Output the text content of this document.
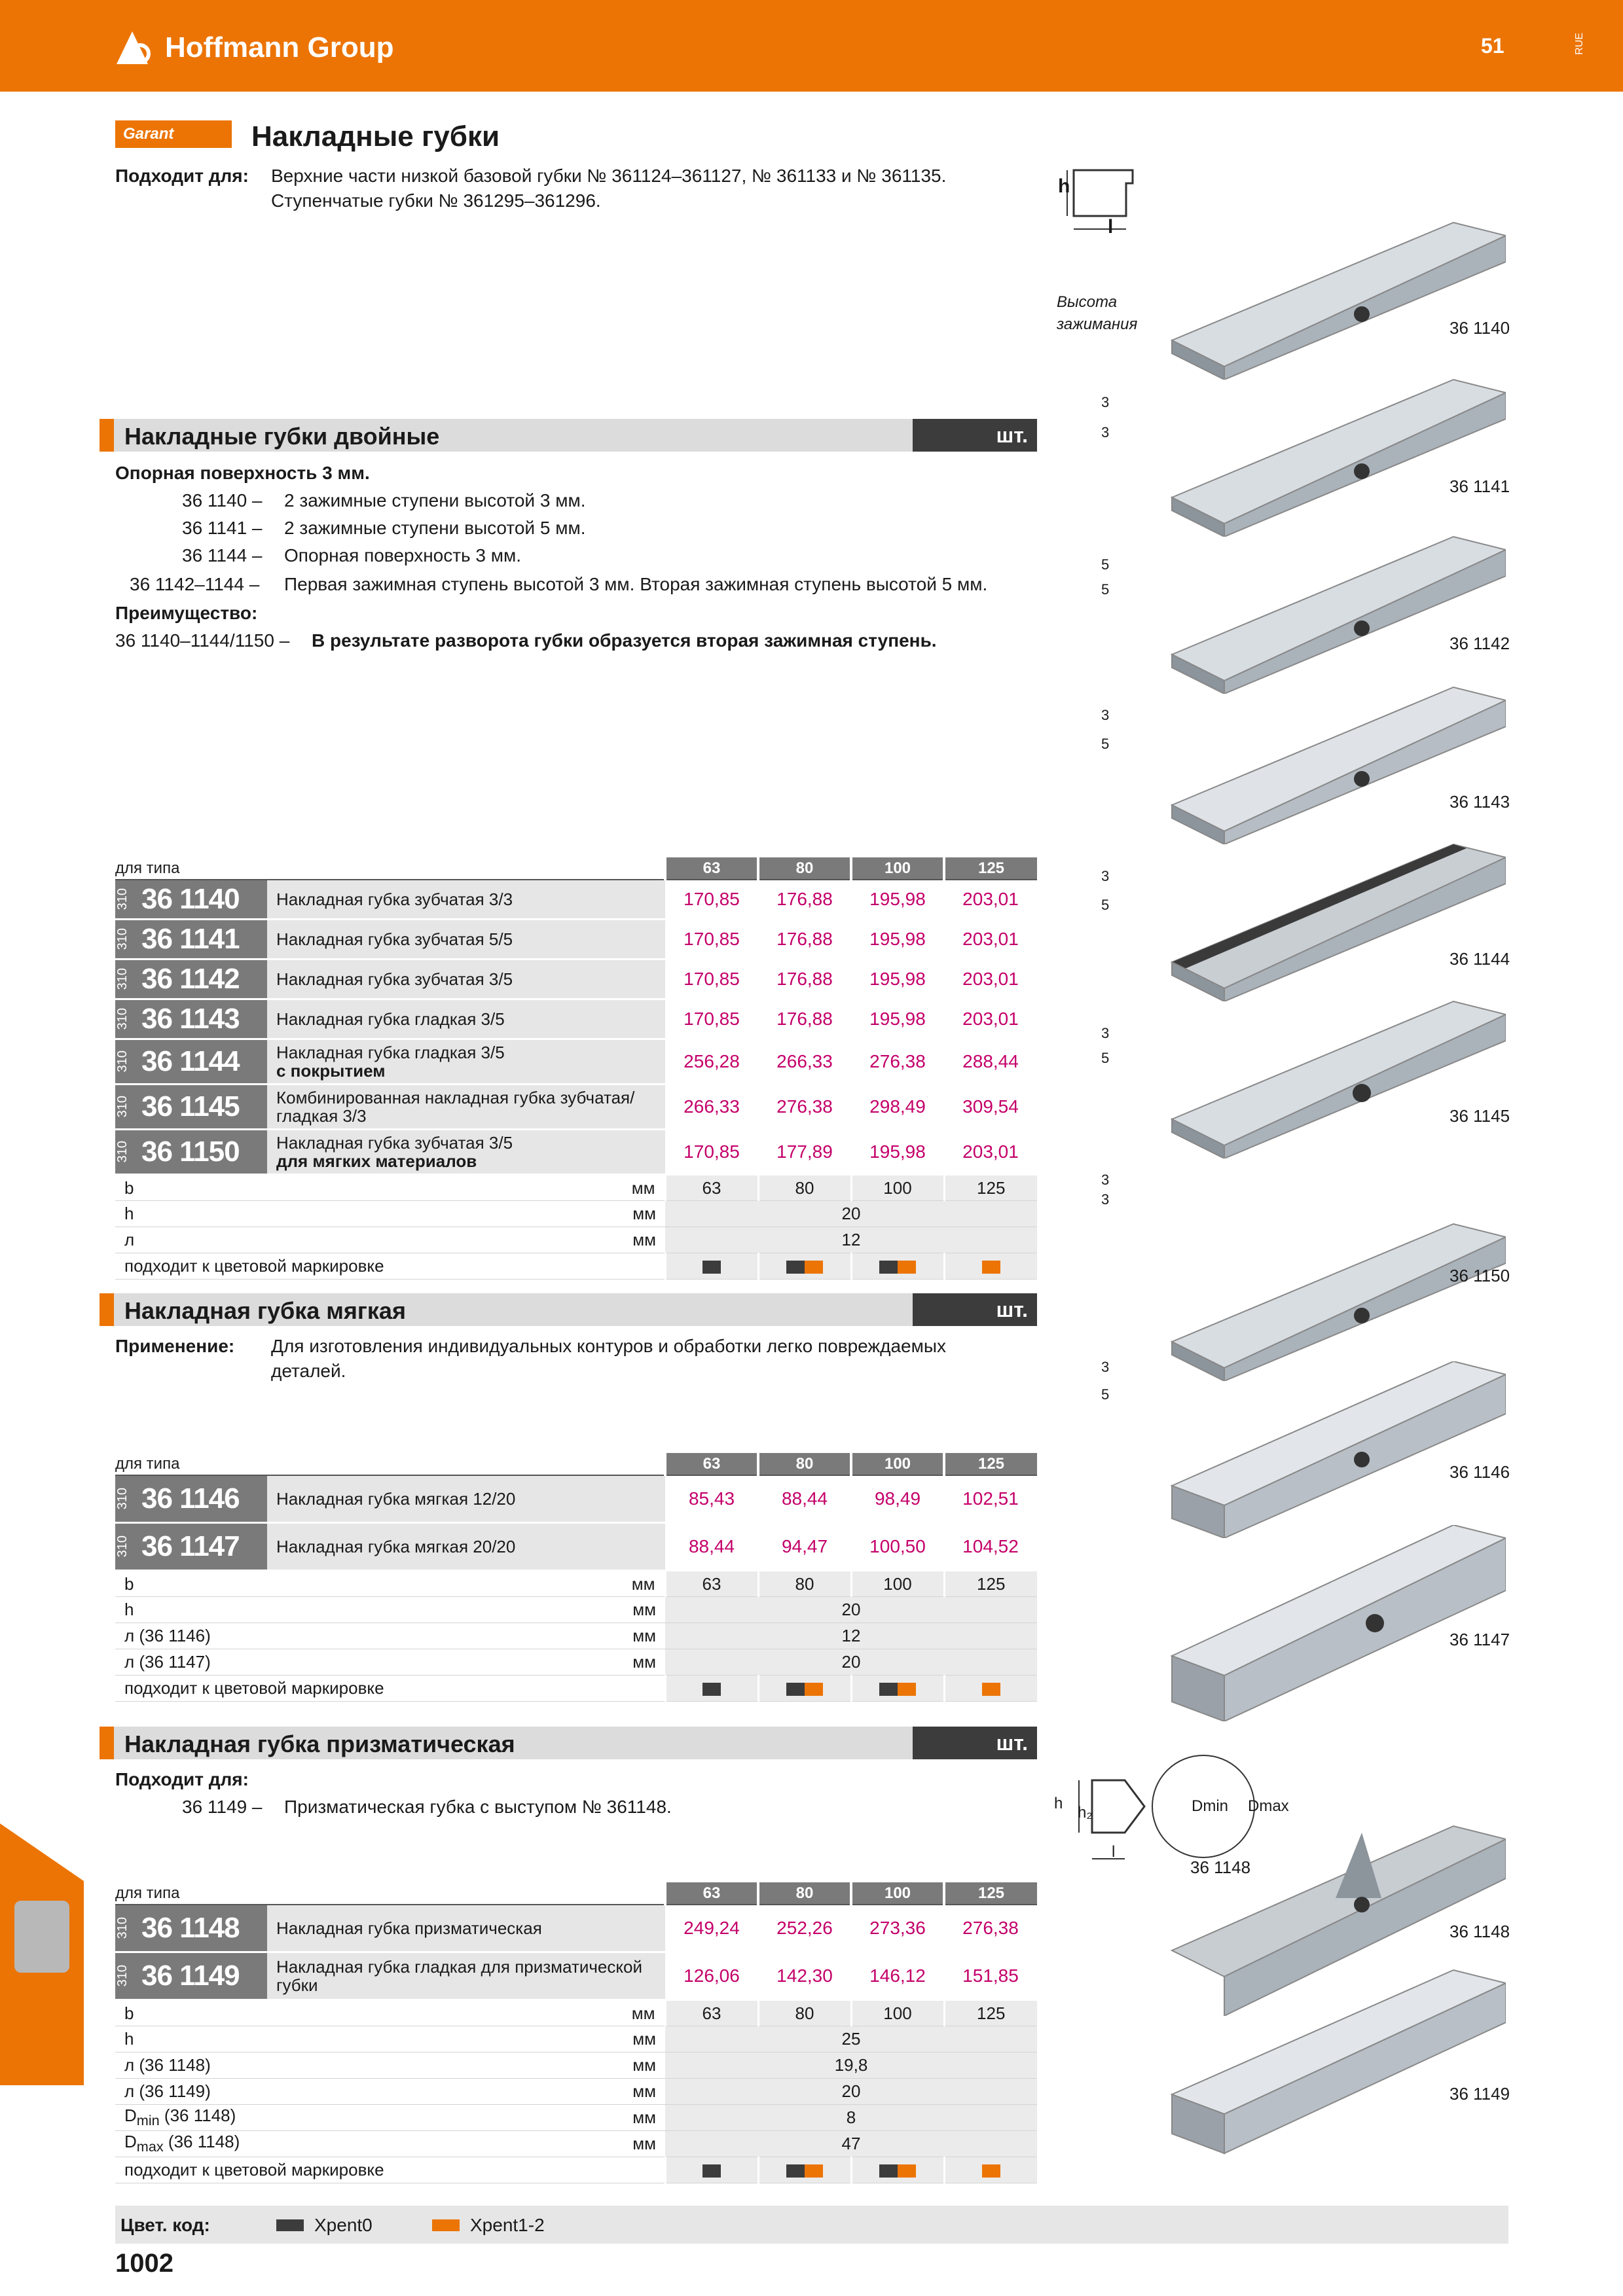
Hoffmann Group	51	RUE
Garant	Накладные губки
Подходит для: Верхние части низкой базовой губки № 361124–361127, № 361133 и № 361135.
Ступенчатые губки № 361295–361296.
Накладные губки двойные	шт.
Опорная поверхность 3 мм.
36 1140 – 2 зажимные ступени высотой 3 мм.
36 1141 – 2 зажимные ступени высотой 5 мм.
36 1144 – Опорная поверхность 3 мм.
36 1142–1144 – Первая зажимная ступень высотой 3 мм. Вторая зажимная ступень высотой 5 мм.
Преимущество:
36 1140–1144/1150 – В результате разворота губки образуется вторая зажимная ступень.
для типа			63	80	100	125

310 36 1140	Накладная губка зубчатая 3/3		170,85	176,88	195,98	203,01

310 36 1141	Накладная губка зубчатая 5/5		170,85	176,88	195,98	203,01

310 36 1142	Накладная губка зубчатая 3/5		170,85	176,88	195,98	203,01

310 36 1143	Накладная губка гладкая 3/5		170,85	176,88	195,98	203,01

310 36 1144	Накладная губка гладкая 3/5
с покрытием		256,28	266,33	276,38	288,44

310 36 1145	Комбинированная накладная губка зубчатая/гладкая 3/3		266,33	276,38	298,49	309,54

310 36 1150	Накладная губка зубчатая 3/5
для мягких материалов		170,85	177,89	195,98	203,01
b		мм	63	80	100	125
h		мм	20			
л		мм	12			
подходит к цветовой маркировке						
Накладная губка мягкая	шт.
Применение: Для изготовления индивидуальных контуров и обработки легко повреждаемых
деталей.
для типа			63	80	100	125

310 36 1146	Накладная губка мягкая 12/20		85,43	88,44	98,49	102,51

310 36 1147	Накладная губка мягкая 20/20		88,44	94,47	100,50	104,52
b		мм	63	80	100	125
h		мм	20			
л (36 1146)		мм	12			
л (36 1147)		мм	20			
подходит к цветовой маркировке						
Накладная губка призматическая	шт.
Подходит для:
36 1149 – Призматическая губка с выступом № 361148.
для типа			63	80	100	125

310 36 1148	Накладная губка призматическая		249,24	252,26	273,36	276,38

310 36 1149	Накладная губка гладкая для призматической губки		126,06	142,30	146,12	151,85
b		мм	63	80	100	125
h		мм	25			
л (36 1148)		мм	19,8			
л (36 1149)		мм	20			
$D_{min}$ (36 1148)		мм	8			
$D_{max}$ (36 1148)		мм	47			
подходит к цветовой маркировке						
h
l
Высота
зажимания	36 1140
3
3
36 1141
5
5
36 1142
3
5
36 1143
3
5
36 1144
3
5
36 1145
3
3
36 1150
3
5
36 1146
36 1147
h
h₂
l
Dmin Dmax
36 1148
36 1148
36 1149
Цвет. код:	Xpent0	Xpent1-2
1002
